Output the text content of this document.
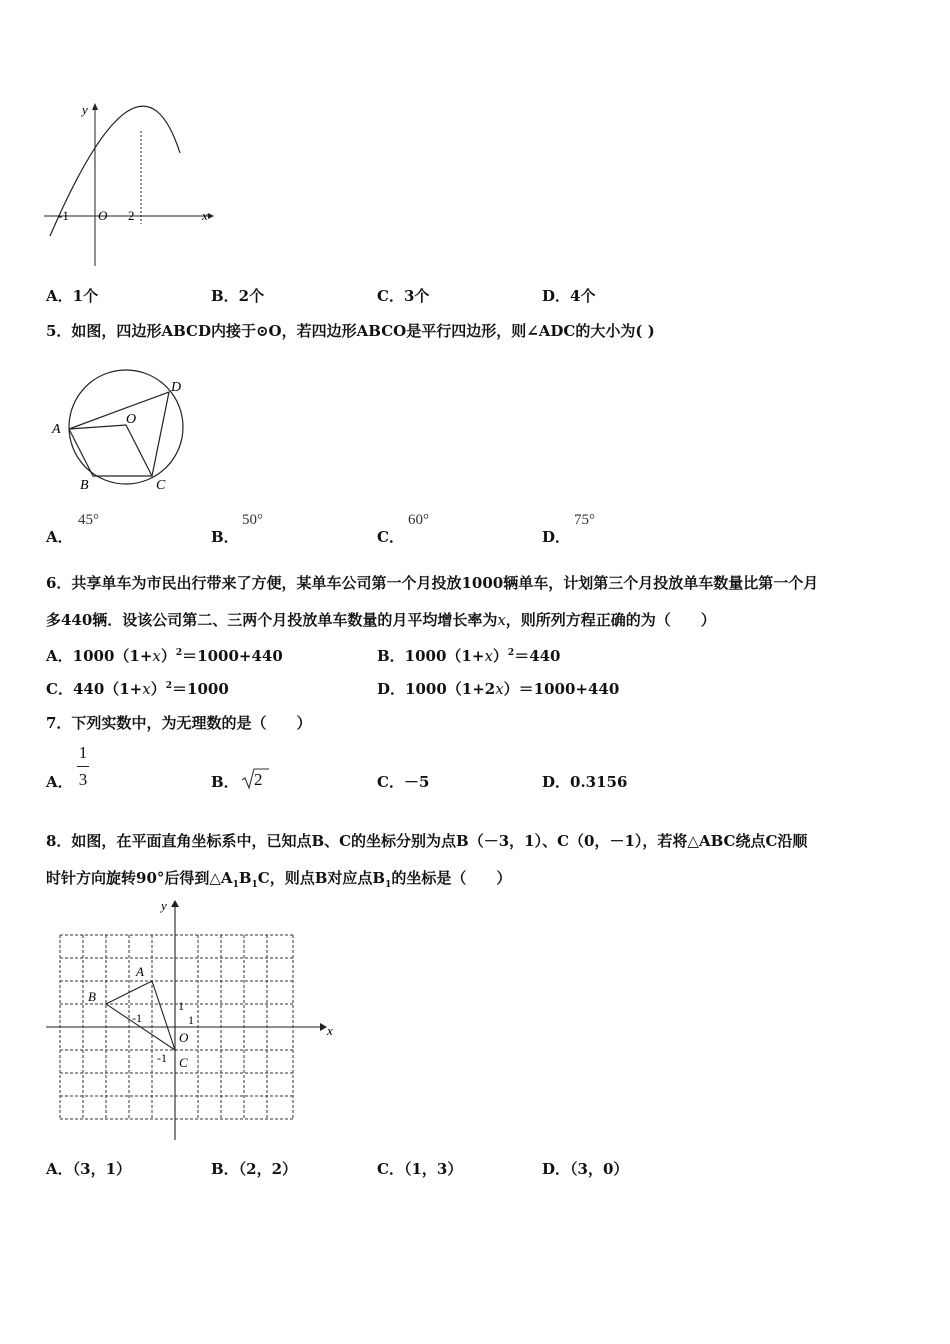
y
x
-1 O 2
A．1个	B．2个	C．3个	D．4个
5．如图，四边形ABCD内接于⊙O，若四边形ABCO是平行四边形，则∠ADC的大小为( )
A
B	C
D
O
A．
45°
B．
50°
C．
60°
D．
75°
6．共享单车为市民出行带来了方便，某单车公司第一个月投放1000辆单车，计划第三个月投放单车数量比第一个月
多440辆．设该公司第二、三两个月投放单车数量的月平均增长率为x，则所列方程正确的为（　　）
A．$1000(1+x)^2=1000+440$	B．$1000(1+x)^2=440$
C．$440(1+x)^2=1000$	D．1000（1+2x）＝1000+440
7．下列实数中，为无理数的是（　　）
A．
1
3	B． 2	C．－5	D．0.3156
8．如图，在平面直角坐标系中，已知点B、C的坐标分别为点B（－3，1）、C（0，－1），若将△ABC绕点C沿顺
时针方向旋转90°后得到$\triangle A_1B_1C$，则点B对应点$B_1$的坐标是（　　）
y
x
A
B
C
O
1
1
-1
-1
A．（3，1）	B．（2，2）	C．（1，3）	D．（3，0）
